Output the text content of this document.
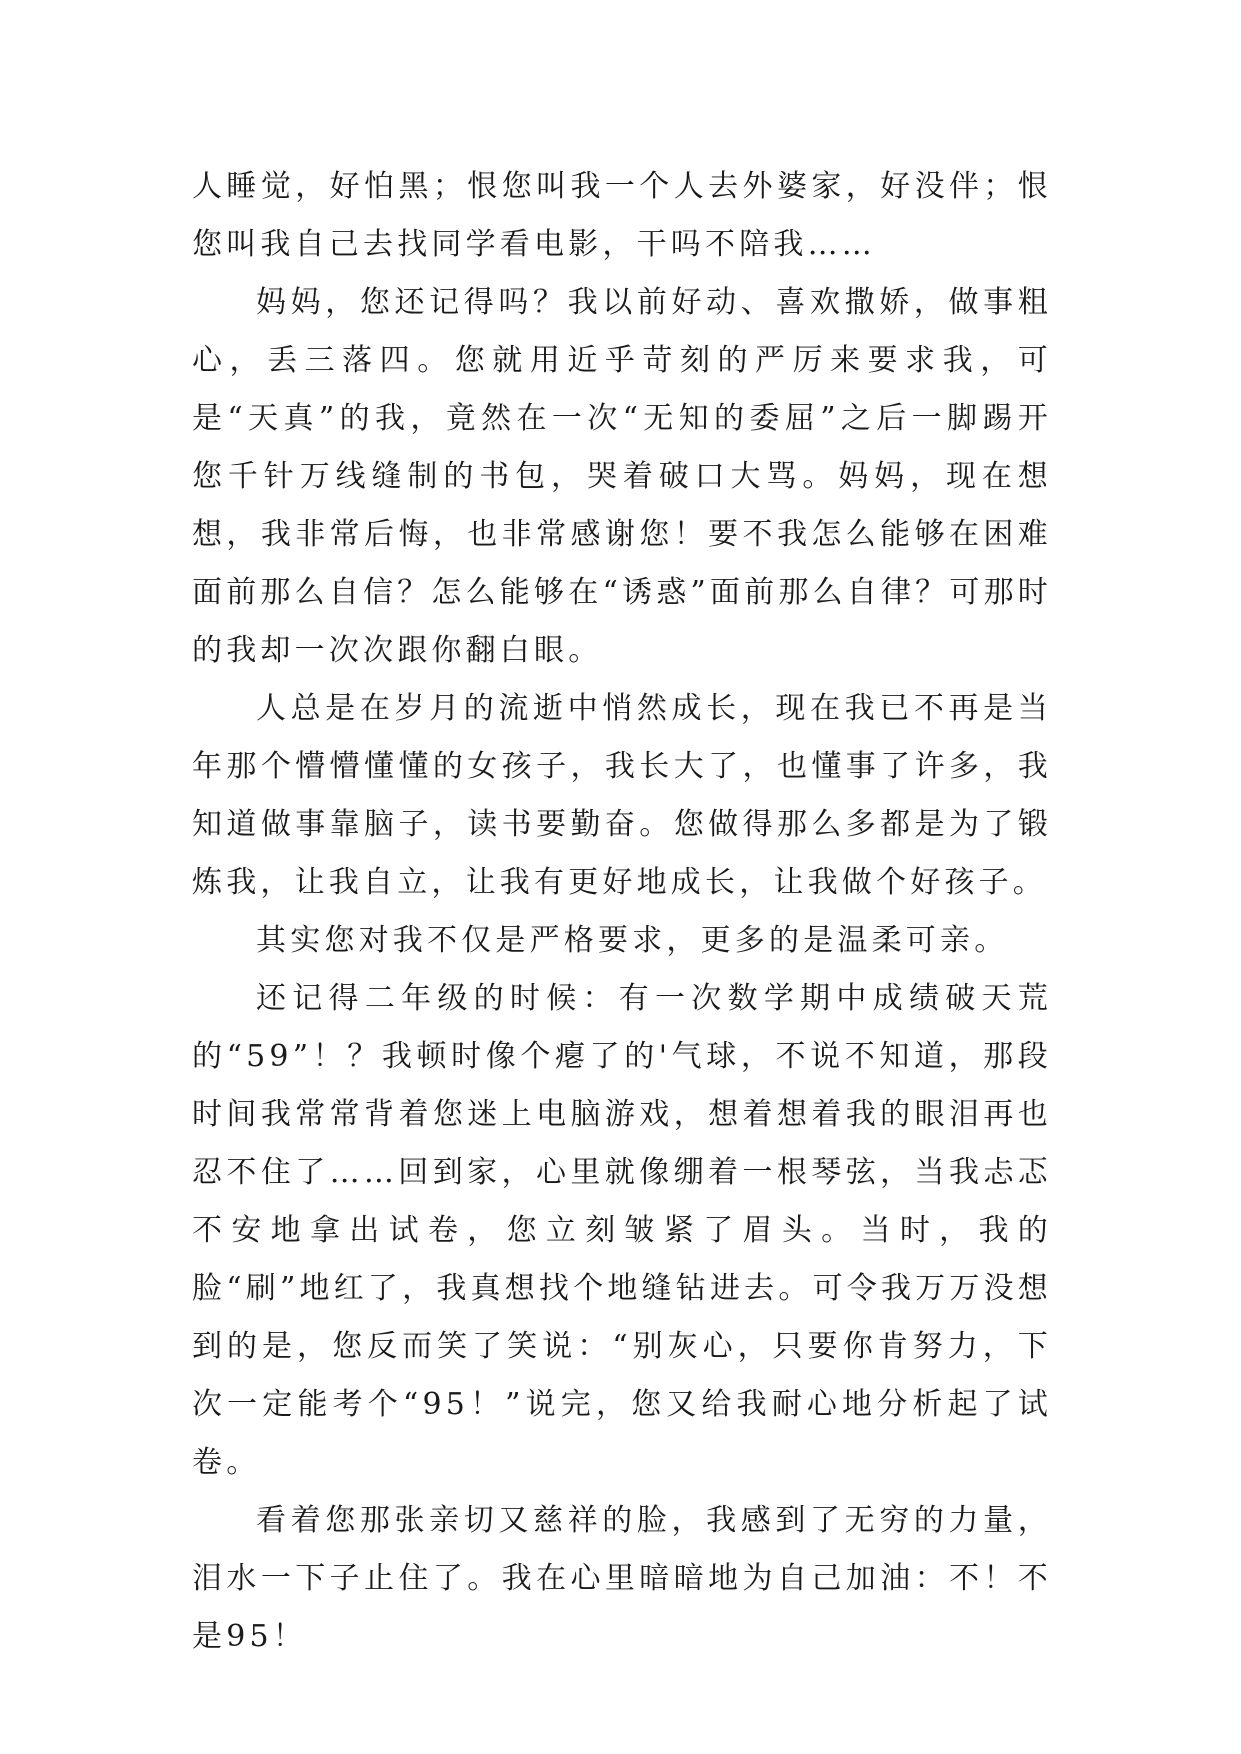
人睡觉，好怕黑；恨您叫我一个人去外婆家，好没伴；恨您叫我自己去找同学看电影，干吗不陪我……

妈妈，您还记得吗？我以前好动、喜欢撒娇，做事粗心，丢三落四。您就用近乎苛刻的严厉来要求我，可是“天真”的我，竟然在一次“无知的委屈”之后一脚踢开您千针万线缝制的书包，哭着破口大骂。妈妈，现在想想，我非常后悔，也非常感谢您！要不我怎么能够在困难面前那么自信？怎么能够在“诱惑”面前那么自律？可那时的我却一次次跟你翻白眼。

人总是在岁月的流逝中悄然成长，现在我已不再是当年那个懵懵懂懂的女孩子，我长大了，也懂事了许多，我知道做事靠脑子，读书要勤奋。您做得那么多都是为了锻炼我，让我自立，让我有更好地成长，让我做个好孩子。

其实您对我不仅是严格要求，更多的是温柔可亲。

还记得二年级的时候：有一次数学期中成绩破天荒的“59”！？我顿时像个瘪了的'气球，不说不知道，那段时间我常常背着您迷上电脑游戏，想着想着我的眼泪再也忍不住了……回到家，心里就像绷着一根琴弦，当我忐忑不安地拿出试卷，您立刻皱紧了眉头。当时，我的脸“刷”地红了，我真想找个地缝钻进去。可令我万万没想到的是，您反而笑了笑说：“别灰心，只要你肯努力，下次一定能考个“95！”说完，您又给我耐心地分析起了试卷。

看着您那张亲切又慈祥的脸，我感到了无穷的力量，泪水一下子止住了。我在心里暗暗地为自己加油：不！不是95！
